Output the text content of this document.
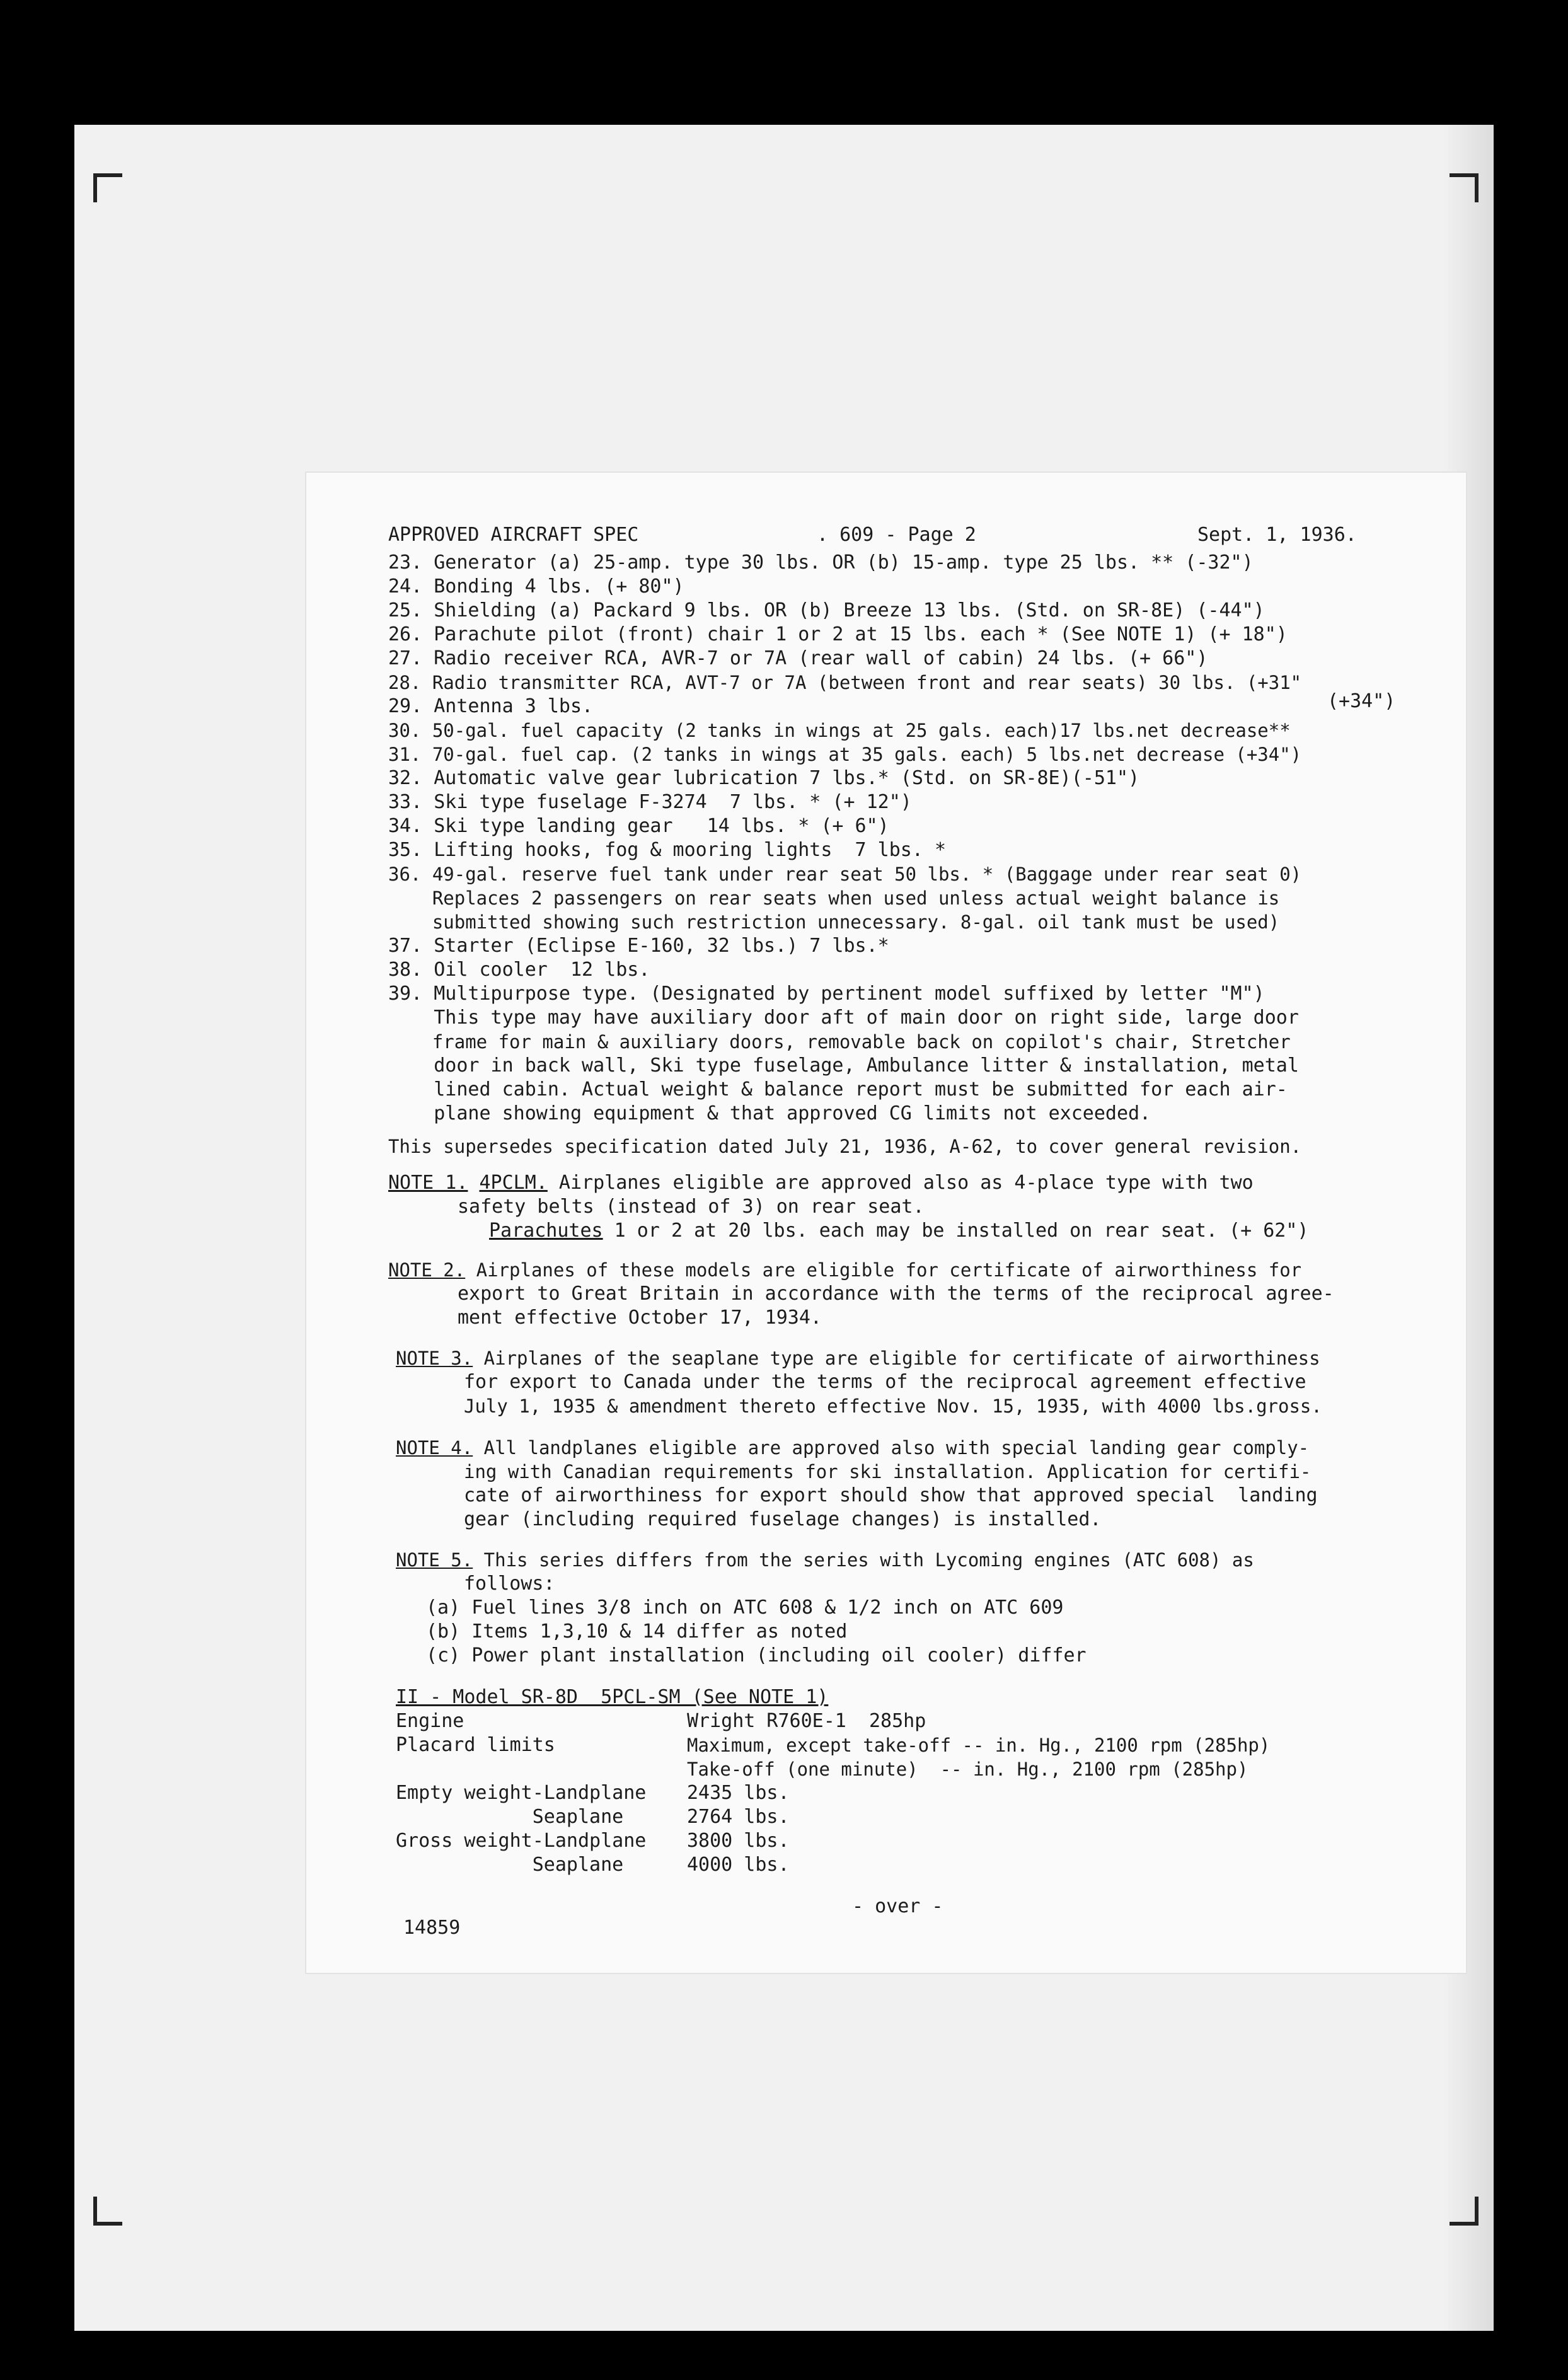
APPROVED AIRCRAFT SPEC	. 609 - Page 2	Sept. 1, 1936.
23. Generator (a) 25-amp. type 30 lbs. OR (b) 15-amp. type 25 lbs. ** (-32")
24. Bonding 4 lbs. (+ 80")
25. Shielding (a) Packard 9 lbs. OR (b) Breeze 13 lbs. (Std. on SR-8E) (-44")
26. Parachute pilot (front) chair 1 or 2 at 15 lbs. each * (See NOTE 1) (+ 18")
27. Radio receiver RCA, AVR-7 or 7A (rear wall of cabin) 24 lbs. (+ 66")
28. Radio transmitter RCA, AVT-7 or 7A (between front and rear seats) 30 lbs. (+31"
29. Antenna 3 lbs.	(+34")
30. 50-gal. fuel capacity (2 tanks in wings at 25 gals. each)17 lbs.net decrease**
31. 70-gal. fuel cap. (2 tanks in wings at 35 gals. each) 5 lbs.net decrease (+34")
32. Automatic valve gear lubrication 7 lbs.* (Std. on SR-8E)(-51")
33. Ski type fuselage F-3274  7 lbs. * (+ 12")
34. Ski type landing gear   14 lbs. * (+ 6")
35. Lifting hooks, fog & mooring lights  7 lbs. *
36. 49-gal. reserve fuel tank under rear seat 50 lbs. * (Baggage under rear seat 0)
Replaces 2 passengers on rear seats when used unless actual weight balance is
submitted showing such restriction unnecessary. 8-gal. oil tank must be used)
37. Starter (Eclipse E-160, 32 lbs.) 7 lbs.*
38. Oil cooler  12 lbs.
39. Multipurpose type. (Designated by pertinent model suffixed by letter "M")
This type may have auxiliary door aft of main door on right side, large door
frame for main & auxiliary doors, removable back on copilot's chair, Stretcher
door in back wall, Ski type fuselage, Ambulance litter & installation, metal
lined cabin. Actual weight & balance report must be submitted for each air-
plane showing equipment & that approved CG limits not exceeded.
This supersedes specification dated July 21, 1936, A-62, to cover general revision.
NOTE 1. 4PCLM. Airplanes eligible are approved also as 4-place type with two
safety belts (instead of 3) on rear seat.
Parachutes 1 or 2 at 20 lbs. each may be installed on rear seat. (+ 62")
NOTE 2. Airplanes of these models are eligible for certificate of airworthiness for
export to Great Britain in accordance with the terms of the reciprocal agree-
ment effective October 17, 1934.
NOTE 3. Airplanes of the seaplane type are eligible for certificate of airworthiness
for export to Canada under the terms of the reciprocal agreement effective
July 1, 1935 & amendment thereto effective Nov. 15, 1935, with 4000 lbs.gross.
NOTE 4. All landplanes eligible are approved also with special landing gear comply-
ing with Canadian requirements for ski installation. Application for certifi-
cate of airworthiness for export should show that approved special  landing
gear (including required fuselage changes) is installed.
NOTE 5. This series differs from the series with Lycoming engines (ATC 608) as
follows:
(a) Fuel lines 3/8 inch on ATC 608 & 1/2 inch on ATC 609
(b) Items 1,3,10 & 14 differ as noted
(c) Power plant installation (including oil cooler) differ
II - Model SR-8D  5PCL-SM (See NOTE 1)
Engine	Wright R760E-1  285hp
Placard limits	Maximum, except take-off -- in. Hg., 2100 rpm (285hp)
Take-off (one minute)  -- in. Hg., 2100 rpm (285hp)
Empty weight-Landplane 2435 lbs.
Seaplane	2764 lbs.
Gross weight-Landplane 3800 lbs.
Seaplane	4000 lbs.
- over -
14859
